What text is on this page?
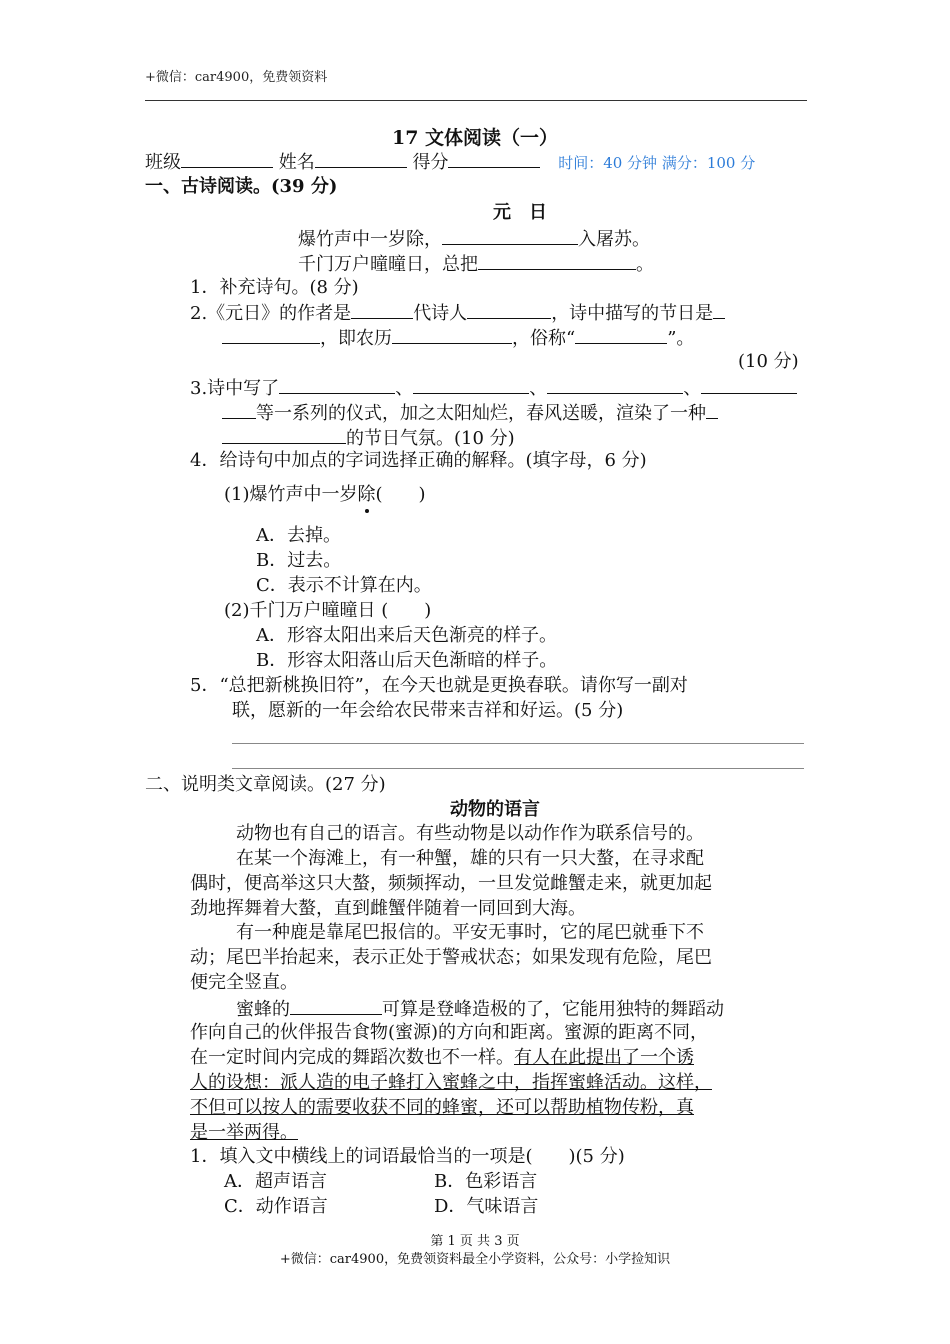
+微信：car4900，免费领资料
17 文体阅读（一）
班级	姓名	得分	时间：40 分钟 满分：100 分
一、古诗阅读。(39 分)
元　日
爆竹声中一岁除，	入屠苏。
千门万户曈曈日，总把	。
1．补充诗句。(8 分)
2.《元日》的作者是	代诗人	，诗中描写的节日是
，即农历	，俗称“	”。
(10 分)
3.诗中写了	、	、	、
等一系列的仪式，加之太阳灿烂，春风送暖，渲染了一种
的节日气氛。(10 分)
4．给诗句中加点的字词选择正确的解释。(填字母，6 分)
(1)爆竹声中一岁除(　　)
A．去掉。
B．过去。
C．表示不计算在内。
(2)千门万户曈曈日 (　　)
A．形容太阳出来后天色渐亮的样子。
B．形容太阳落山后天色渐暗的样子。
5．“总把新桃换旧符”，在今天也就是更换春联。请你写一副对
联，愿新的一年会给农民带来吉祥和好运。(5 分)
二、说明类文章阅读。(27 分)
动物的语言
动物也有自己的语言。有些动物是以动作作为联系信号的。
在某一个海滩上，有一种蟹，雄的只有一只大螯，在寻求配
偶时，便高举这只大螯，频频挥动，一旦发觉雌蟹走来，就更加起
劲地挥舞着大螯，直到雌蟹伴随着一同回到大海。
有一种鹿是靠尾巴报信的。平安无事时，它的尾巴就垂下不
动；尾巴半抬起来，表示正处于警戒状态；如果发现有危险，尾巴
便完全竖直。
蜜蜂的	可算是登峰造极的了，它能用独特的舞蹈动
作向自己的伙伴报告食物(蜜源)的方向和距离。蜜源的距离不同，
在一定时间内完成的舞蹈次数也不一样。有人在此提出了一个诱
人的设想：派人造的电子蜂打入蜜蜂之中，指挥蜜蜂活动。这样，
不但可以按人的需要收获不同的蜂蜜，还可以帮助植物传粉，真
是一举两得。
1．填入文中横线上的词语最恰当的一项是(　　)(5 分)
A．超声语言	B．色彩语言
C．动作语言	D．气味语言
第 1 页 共 3 页
+微信：car4900，免费领资料最全小学资料，公众号：小学捡知识
